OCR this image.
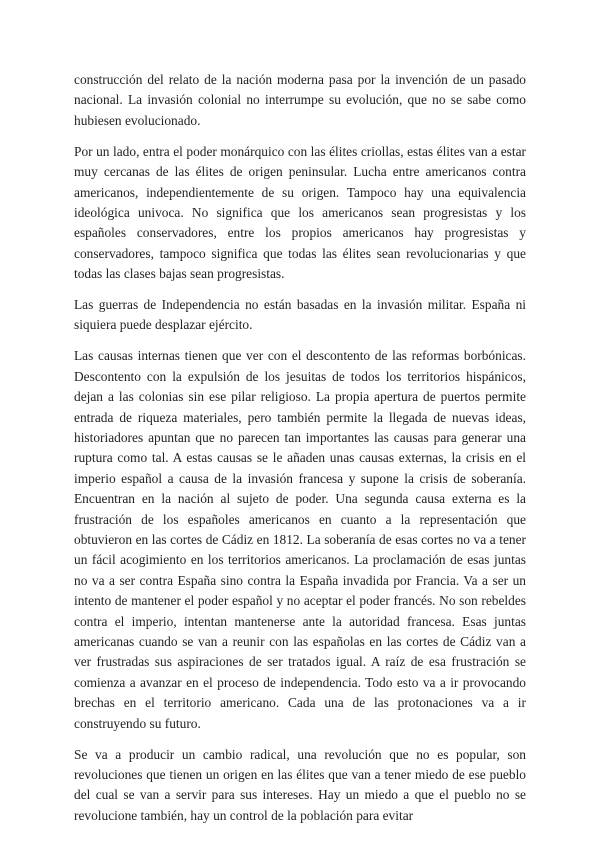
construcción del relato de la nación moderna pasa por la invención de un pasado nacional. La invasión colonial no interrumpe su evolución, que no se sabe como hubiesen evolucionado.

Por un lado, entra el poder monárquico con las élites criollas, estas élites van a estar muy cercanas de las élites de origen peninsular. Lucha entre americanos contra americanos, independientemente de su origen. Tampoco hay una equivalencia ideológica univoca. No significa que los americanos sean progresistas y los españoles conservadores, entre los propios americanos hay progresistas y conservadores, tampoco significa que todas las élites sean revolucionarias y que todas las clases bajas sean progresistas.

Las guerras de Independencia no están basadas en la invasión militar. España ni siquiera puede desplazar ejército.

Las causas internas tienen que ver con el descontento de las reformas borbónicas. Descontento con la expulsión de los jesuitas de todos los territorios hispánicos, dejan a las colonias sin ese pilar religioso. La propia apertura de puertos permite entrada de riqueza materiales, pero también permite la llegada de nuevas ideas, historiadores apuntan que no parecen tan importantes las causas para generar una ruptura como tal. A estas causas se le añaden unas causas externas, la crisis en el imperio español a causa de la invasión francesa y supone la crisis de soberanía. Encuentran en la nación al sujeto de poder. Una segunda causa externa es la frustración de los españoles americanos en cuanto a la representación que obtuvieron en las cortes de Cádiz en 1812. La soberanía de esas cortes no va a tener un fácil acogimiento en los territorios americanos. La proclamación de esas juntas no va a ser contra España sino contra la España invadida por Francia. Va a ser un intento de mantener el poder español y no aceptar el poder francés. No son rebeldes contra el imperio, intentan mantenerse ante la autoridad francesa. Esas juntas americanas cuando se van a reunir con las españolas en las cortes de Cádiz van a ver frustradas sus aspiraciones de ser tratados igual. A raíz de esa frustración se comienza a avanzar en el proceso de independencia. Todo esto va a ir provocando brechas en el territorio americano. Cada una de las protonaciones va a ir construyendo su futuro.

Se va a producir un cambio radical, una revolución que no es popular, son revoluciones que tienen un origen en las élites que van a tener miedo de ese pueblo del cual se van a servir para sus intereses. Hay un miedo a que el pueblo no se revolucione también, hay un control de la población para evitar
